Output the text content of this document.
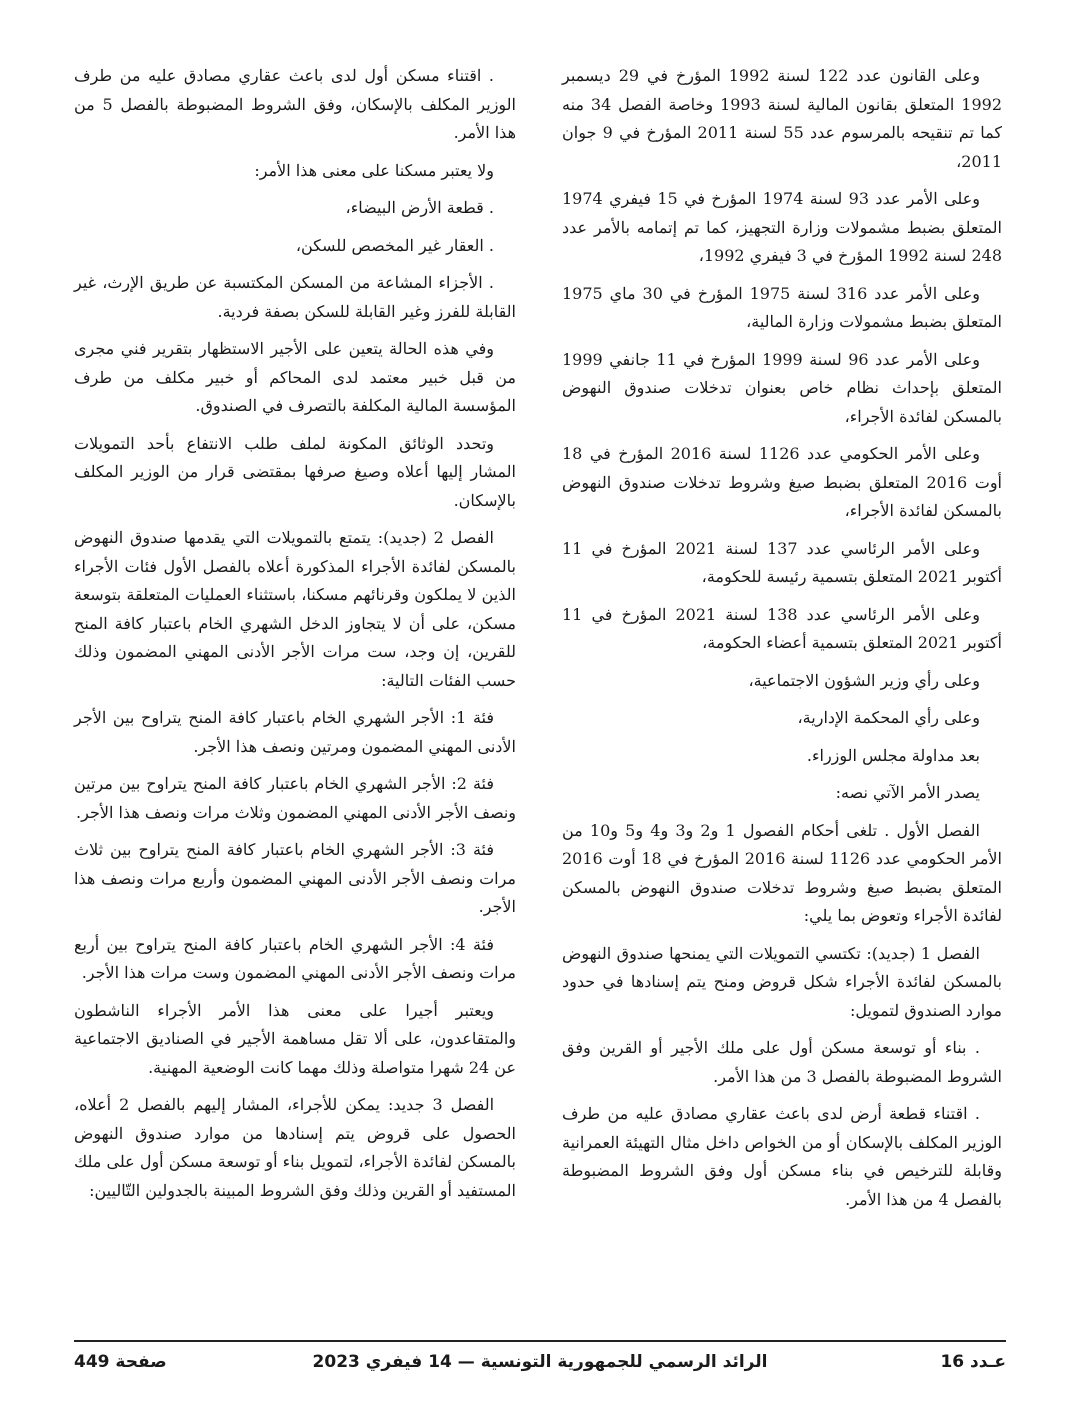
وعلى القانون عدد 122 لسنة 1992 المؤرخ في 29 ديسمبر 1992 المتعلق بقانون المالية لسنة 1993 وخاصة الفصل 34 منه كما تم تنقيحه بالمرسوم عدد 55 لسنة 2011 المؤرخ في 9 جوان 2011،

وعلى الأمر عدد 93 لسنة 1974 المؤرخ في 15 فيفري 1974 المتعلق بضبط مشمولات وزارة التجهيز، كما تم إتمامه بالأمر عدد 248 لسنة 1992 المؤرخ في 3 فيفري 1992،

وعلى الأمر عدد 316 لسنة 1975 المؤرخ في 30 ماي 1975 المتعلق بضبط مشمولات وزارة المالية،

وعلى الأمر عدد 96 لسنة 1999 المؤرخ في 11 جانفي 1999 المتعلق بإحداث نظام خاص بعنوان تدخلات صندوق النهوض بالمسكن لفائدة الأجراء،

وعلى الأمر الحكومي عدد 1126 لسنة 2016 المؤرخ في 18 أوت 2016 المتعلق بضبط صيغ وشروط تدخلات صندوق النهوض بالمسكن لفائدة الأجراء،

وعلى الأمر الرئاسي عدد 137 لسنة 2021 المؤرخ في 11 أكتوبر 2021 المتعلق بتسمية رئيسة للحكومة،

وعلى الأمر الرئاسي عدد 138 لسنة 2021 المؤرخ في 11 أكتوبر 2021 المتعلق بتسمية أعضاء الحكومة،

وعلى رأي وزير الشؤون الاجتماعية،

وعلى رأي المحكمة الإدارية،

بعد مداولة مجلس الوزراء.

يصدر الأمر الآتي نصه:

الفصل الأول . تلغى أحكام الفصول 1 و2 و3 و4 و5 و10 من الأمر الحكومي عدد 1126 لسنة 2016 المؤرخ في 18 أوت 2016 المتعلق بضبط صيغ وشروط تدخلات صندوق النهوض بالمسكن لفائدة الأجراء وتعوض بما يلي:

الفصل 1 (جديد): تكتسي التمويلات التي يمنحها صندوق النهوض بالمسكن لفائدة الأجراء شكل قروض ومنح يتم إسنادها في حدود موارد الصندوق لتمويل:

. بناء أو توسعة مسكن أول على ملك الأجير أو القرين وفق الشروط المضبوطة بالفصل 3 من هذا الأمر.

. اقتناء قطعة أرض لدى باعث عقاري مصادق عليه من طرف الوزير المكلف بالإسكان أو من الخواص داخل مثال التهيئة العمرانية وقابلة للترخيص في بناء مسكن أول وفق الشروط المضبوطة بالفصل 4 من هذا الأمر.

. اقتناء مسكن أول لدى باعث عقاري مصادق عليه من طرف الوزير المكلف بالإسكان، وفق الشروط المضبوطة بالفصل 5 من هذا الأمر.

ولا يعتبر مسكنا على معنى هذا الأمر:

. قطعة الأرض البيضاء،

. العقار غير المخصص للسكن،

. الأجزاء المشاعة من المسكن المكتسبة عن طريق الإرث، غير القابلة للفرز وغير القابلة للسكن بصفة فردية.

وفي هذه الحالة يتعين على الأجير الاستظهار بتقرير فني مجرى من قبل خبير معتمد لدى المحاكم أو خبير مكلف من طرف المؤسسة المالية المكلفة بالتصرف في الصندوق.

وتحدد الوثائق المكونة لملف طلب الانتفاع بأحد التمويلات المشار إليها أعلاه وصيغ صرفها بمقتضى قرار من الوزير المكلف بالإسكان.

الفصل 2 (جديد): يتمتع بالتمويلات التي يقدمها صندوق النهوض بالمسكن لفائدة الأجراء المذكورة أعلاه بالفصل الأول فئات الأجراء الذين لا يملكون وقرنائهم مسكنا، باستثناء العمليات المتعلقة بتوسعة مسكن، على أن لا يتجاوز الدخل الشهري الخام باعتبار كافة المنح للقرين، إن وجد، ست مرات الأجر الأدنى المهني المضمون وذلك حسب الفئات التالية:

فئة 1: الأجر الشهري الخام باعتبار كافة المنح يتراوح بين الأجر الأدنى المهني المضمون ومرتين ونصف هذا الأجر.

فئة 2: الأجر الشهري الخام باعتبار كافة المنح يتراوح بين مرتين ونصف الأجر الأدنى المهني المضمون وثلاث مرات ونصف هذا الأجر.

فئة 3: الأجر الشهري الخام باعتبار كافة المنح يتراوح بين ثلاث مرات ونصف الأجر الأدنى المهني المضمون وأربع مرات ونصف هذا الأجر.

فئة 4: الأجر الشهري الخام باعتبار كافة المنح يتراوح بين أربع مرات ونصف الأجر الأدنى المهني المضمون وست مرات هذا الأجر.

ويعتبر أجيرا على معنى هذا الأمر الأجراء الناشطون والمتقاعدون، على ألا تقل مساهمة الأجير في الصناديق الاجتماعية عن 24 شهرا متواصلة وذلك مهما كانت الوضعية المهنية.

الفصل 3 جديد: يمكن للأجراء، المشار إليهم بالفصل 2 أعلاه، الحصول على قروض يتم إسنادها من موارد صندوق النهوض بالمسكن لفائدة الأجراء، لتمويل بناء أو توسعة مسكن أول على ملك المستفيد أو القرين وذلك وفق الشروط المبينة بالجدولين التّاليين:

عـدد 16
الرائد الرسمي للجمهورية التونسية — 14 فيفري 2023
صفحة 449
